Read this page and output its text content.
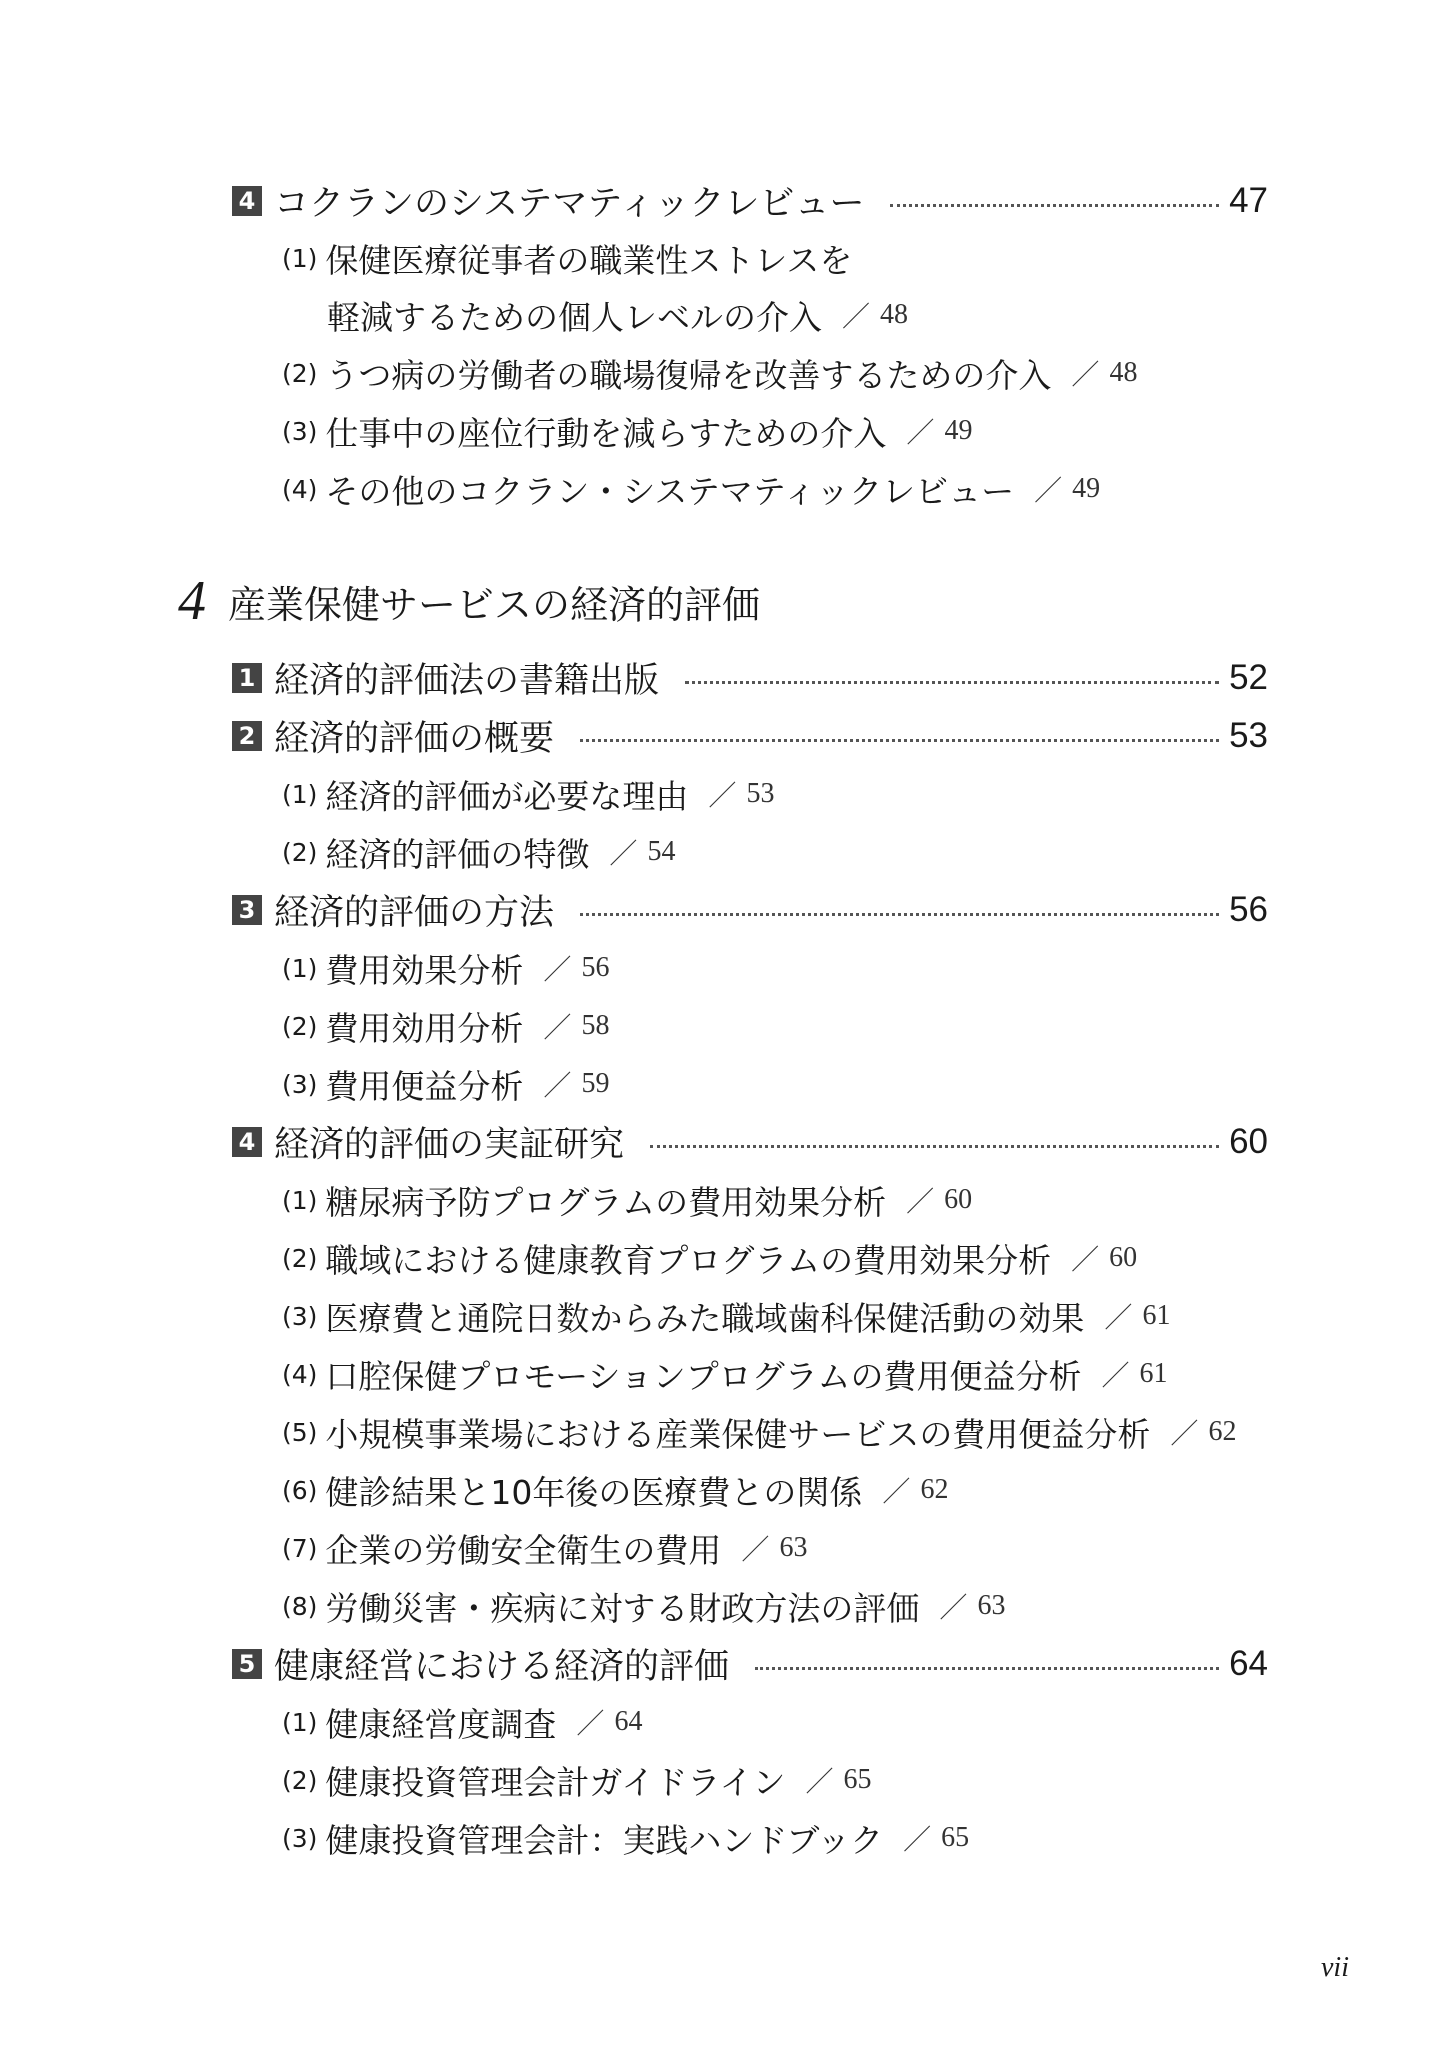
4 コクランのシステマティックレビュー	47
(1) 保健医療従事者の職業性ストレスを
軽減するための個人レベルの介入 ／ 48
(2) うつ病の労働者の職場復帰を改善するための介入 ／ 48
(3) 仕事中の座位行動を減らすための介入 ／ 49
(4) その他のコクラン・システマティックレビュー ／ 49
4 産業保健サービスの経済的評価
1 経済的評価法の書籍出版	52
2 経済的評価の概要	53
(1) 経済的評価が必要な理由 ／ 53
(2) 経済的評価の特徴 ／ 54
3 経済的評価の方法	56
(1) 費用効果分析 ／ 56
(2) 費用効用分析 ／ 58
(3) 費用便益分析 ／ 59
4 経済的評価の実証研究	60
(1) 糖尿病予防プログラムの費用効果分析 ／ 60
(2) 職域における健康教育プログラムの費用効果分析 ／ 60
(3) 医療費と通院日数からみた職域歯科保健活動の効果 ／ 61
(4) 口腔保健プロモーションプログラムの費用便益分析 ／ 61
(5) 小規模事業場における産業保健サービスの費用便益分析 ／ 62
(6) 健診結果と10年後の医療費との関係 ／ 62
(7) 企業の労働安全衛生の費用 ／ 63
(8) 労働災害・疾病に対する財政方法の評価 ／ 63
5 健康経営における経済的評価	64
(1) 健康経営度調査 ／ 64
(2) 健康投資管理会計ガイドライン ／ 65
(3) 健康投資管理会計：実践ハンドブック ／ 65
vii
